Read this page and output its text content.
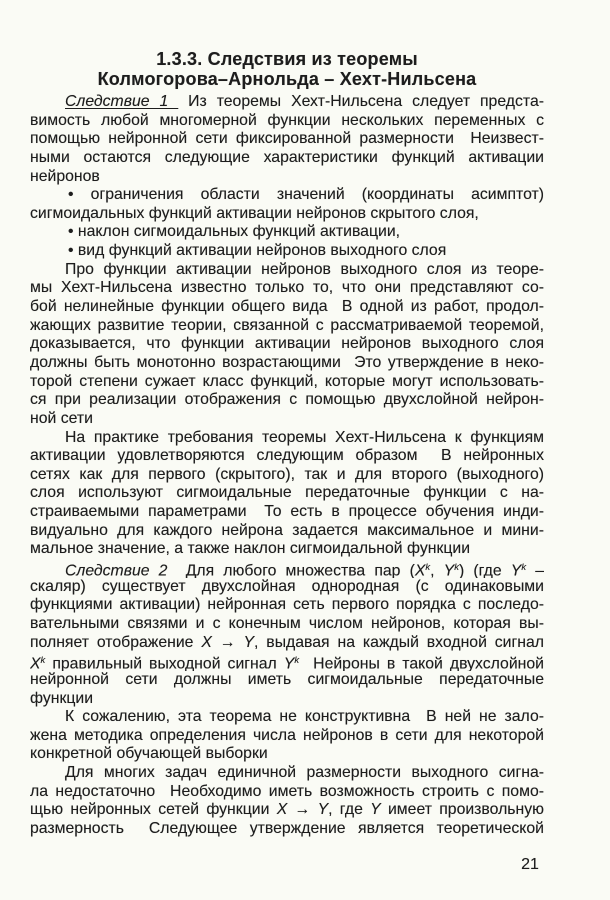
1.3.3. Следствия из теоремы
Колмогорова–Арнольда – Хехт-Нильсена
Следствие 1  Из теоремы Хехт-Нильсена следует предста-
вимость любой многомерной функции нескольких переменных с
помощью нейронной сети фиксированной размерности  Неизвест-
ными остаются следующие характеристики функций активации
нейронов
• ограничения области значений (координаты асимптот)
сигмоидальных функций активации нейронов скрытого слоя,
• наклон сигмоидальных функций активации,
• вид функций активации нейронов выходного слоя
Про функции активации нейронов выходного слоя из теоре-
мы Хехт-Нильсена известно только то, что они представляют со-
бой нелинейные функции общего вида  В одной из работ, продол-
жающих развитие теории, связанной с рассматриваемой теоремой,
доказывается, что функции активации нейронов выходного слоя
должны быть монотонно возрастающими  Это утверждение в неко-
торой степени сужает класс функций, которые могут использовать-
ся при реализации отображения с помощью двухслойной нейрон-
ной сети
На практике требования теоремы Хехт-Нильсена к функциям
активации удовлетворяются следующим образом  В нейронных
сетях как для первого (скрытого), так и для второго (выходного)
слоя используют сигмоидальные передаточные функции с на-
страиваемыми параметрами  То есть в процессе обучения инди-
видуально для каждого нейрона задается максимальное и мини-
мальное значение, а также наклон сигмоидальной функции
Следствие 2  Для любого множества пар ($X^k$, $Y^k$) (где $Y^k$ –
скаляр) существует двухслойная однородная (с одинаковыми
функциями активации) нейронная сеть первого порядка с последо-
вательными связями и с конечным числом нейронов, которая вы-
полняет отображение X → Y, выдавая на каждый входной сигнал
$X^k$ правильный выходной сигнал $Y^k$  Нейроны в такой двухслойной
нейронной сети должны иметь сигмоидальные передаточные
функции
К сожалению, эта теорема не конструктивна  В ней не зало-
жена методика определения числа нейронов в сети для некоторой
конкретной обучающей выборки
Для многих задач единичной размерности выходного сигна-
ла недостаточно  Необходимо иметь возможность строить с помо-
щью нейронных сетей функции X → Y, где Y имеет произвольную
размерность  Следующее утверждение является теоретической
21
